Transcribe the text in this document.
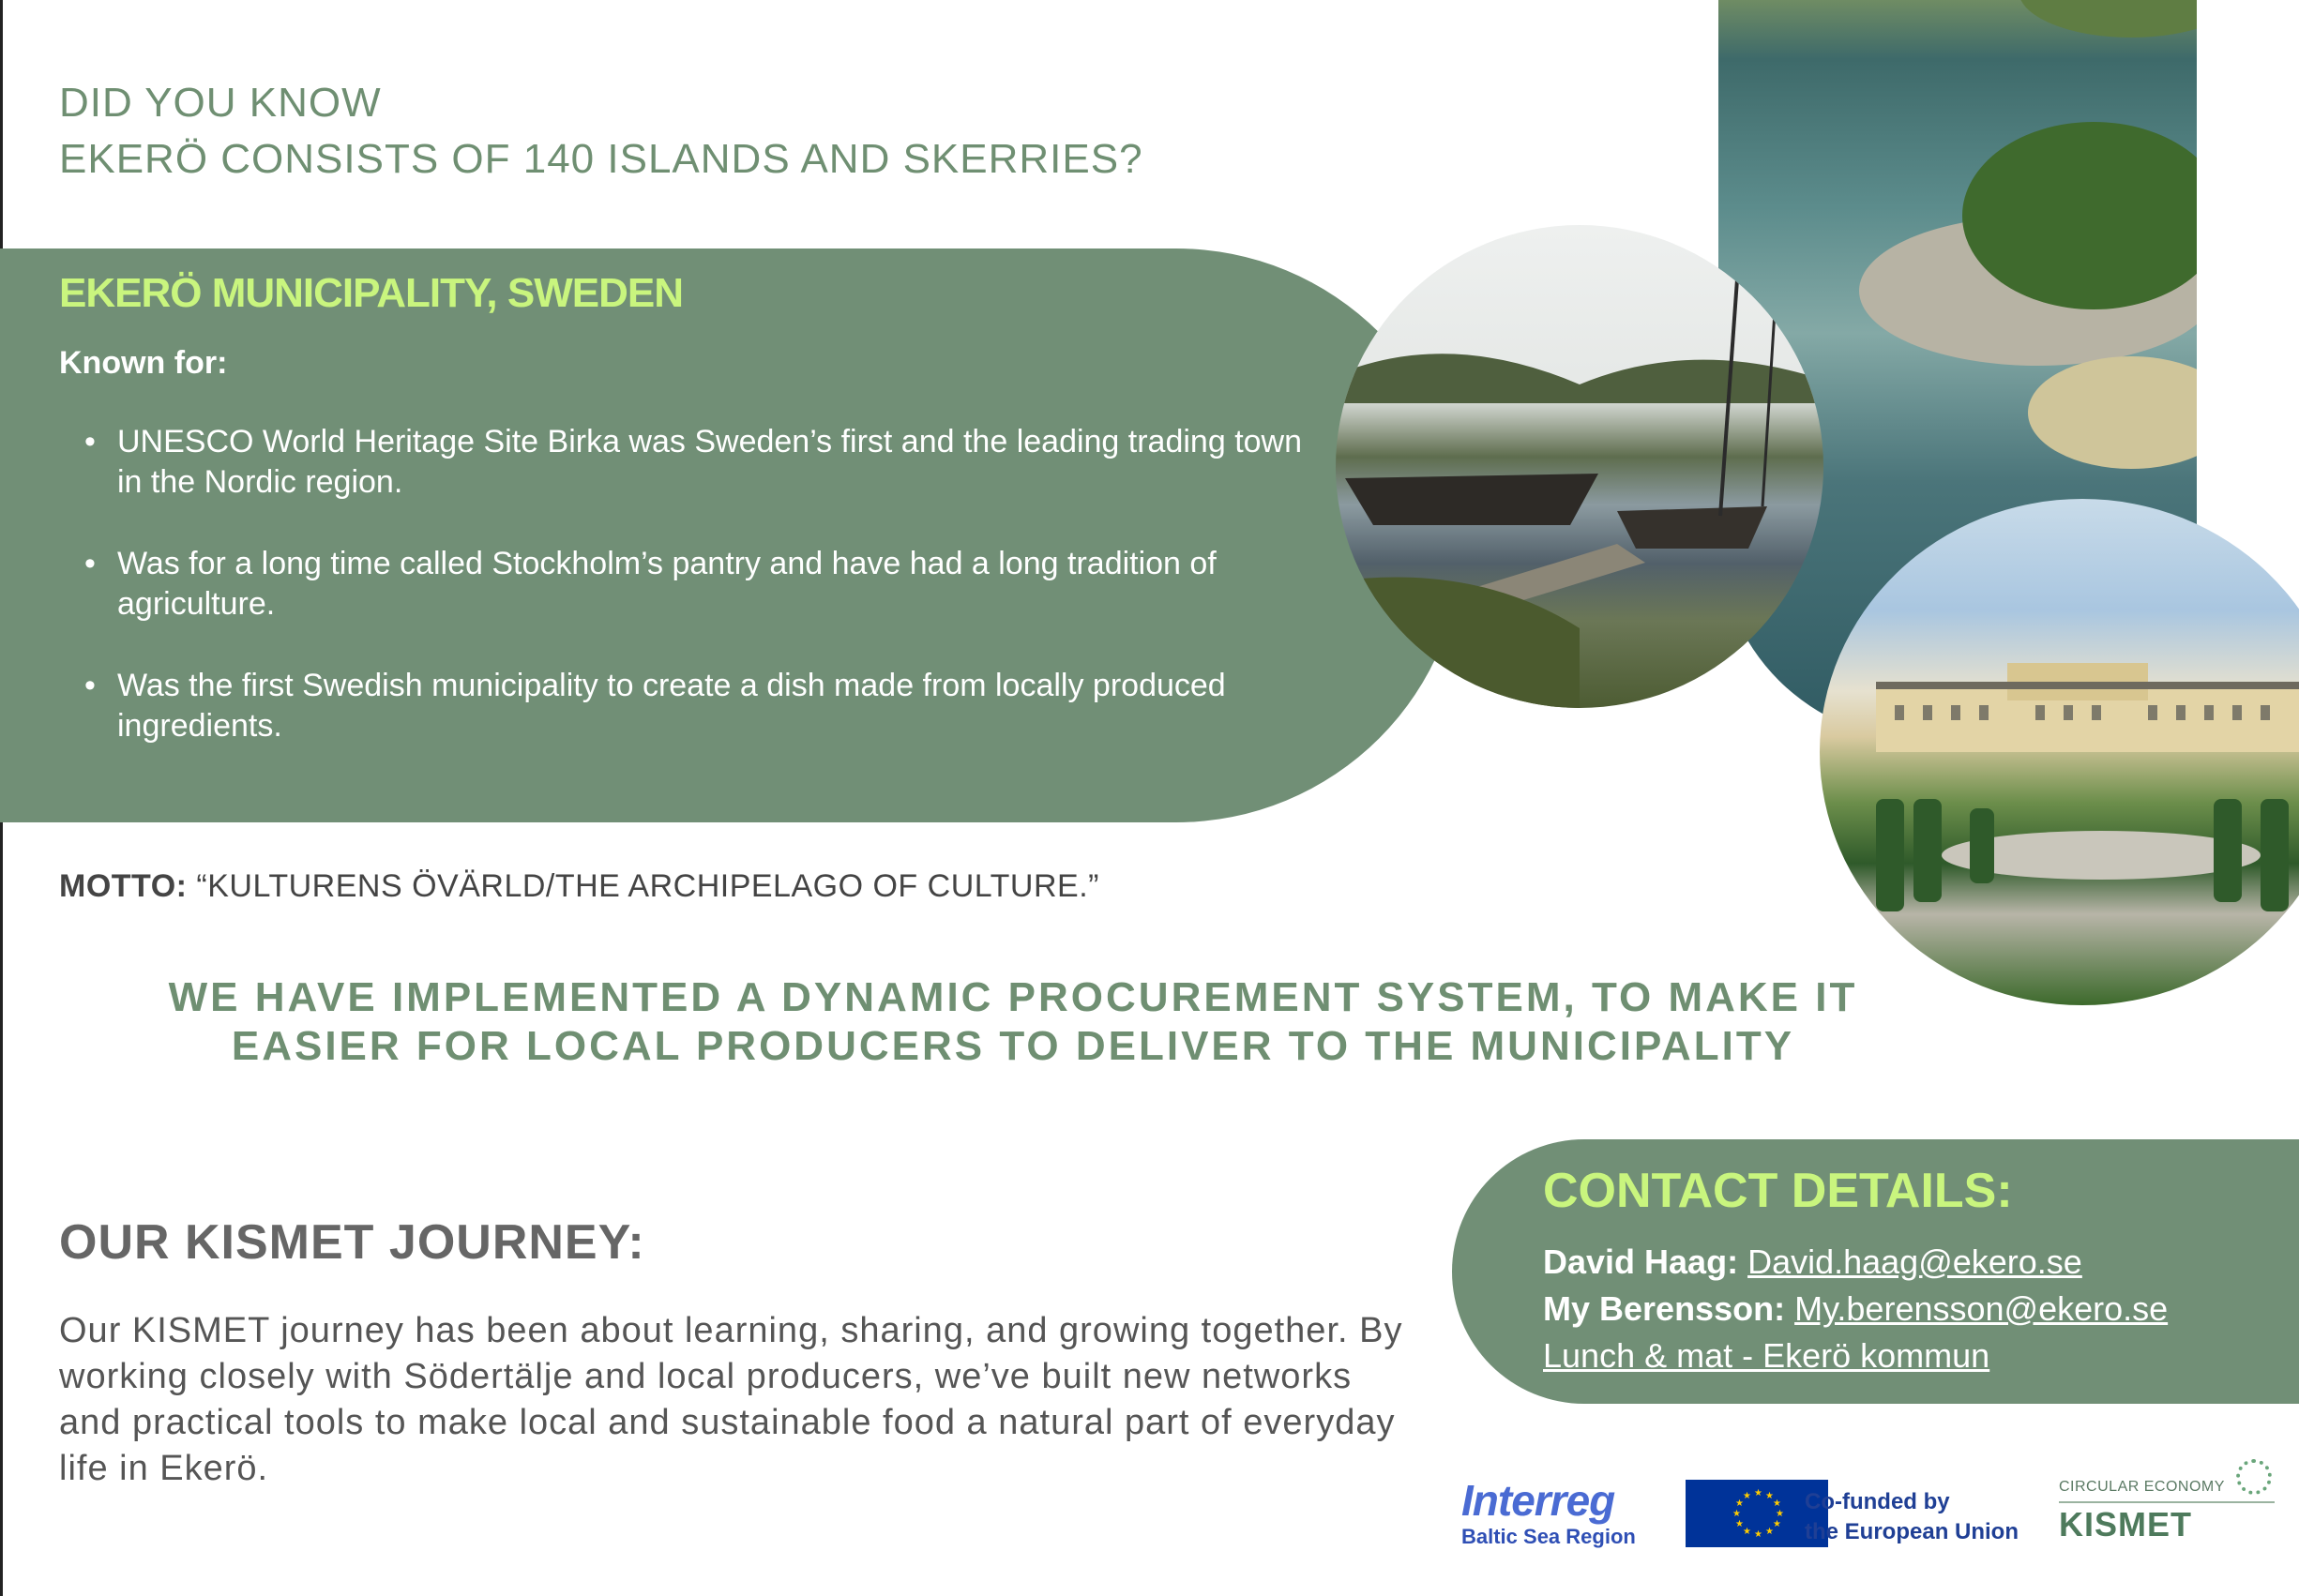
DID YOU KNOW
EKERÖ CONSISTS OF 140 ISLANDS AND SKERRIES?
EKERÖ MUNICIPALITY, SWEDEN
Known for:
• UNESCO World Heritage Site Birka was Sweden’s first and the leading trading town in the Nordic region.
• Was for a long time called Stockholm’s pantry and have had a long tradition of agriculture.
• Was the first Swedish municipality to create a dish made from locally produced ingredients.
MOTTO: “KULTURENS ÖVÄRLD/THE ARCHIPELAGO OF CULTURE.”
WE HAVE IMPLEMENTED A DYNAMIC PROCUREMENT SYSTEM, TO MAKE IT
EASIER FOR LOCAL PRODUCERS TO DELIVER TO THE MUNICIPALITY
OUR KISMET JOURNEY:
Our KISMET journey has been about learning, sharing, and growing together. By working closely with Södertälje and local producers, we’ve built new networks and practical tools to make local and sustainable food a natural part of everyday life in Ekerö.
CONTACT DETAILS:
David Haag: David.haag@ekero.se
My Berensson: My.berensson@ekero.se
Lunch & mat - Ekerö kommun
Interreg
Baltic Sea Region
★ ★
★
★
★
★
★
★
★
★
★
★ Co-funded by
the European Union
CIRCULAR ECONOMY
KISMET
